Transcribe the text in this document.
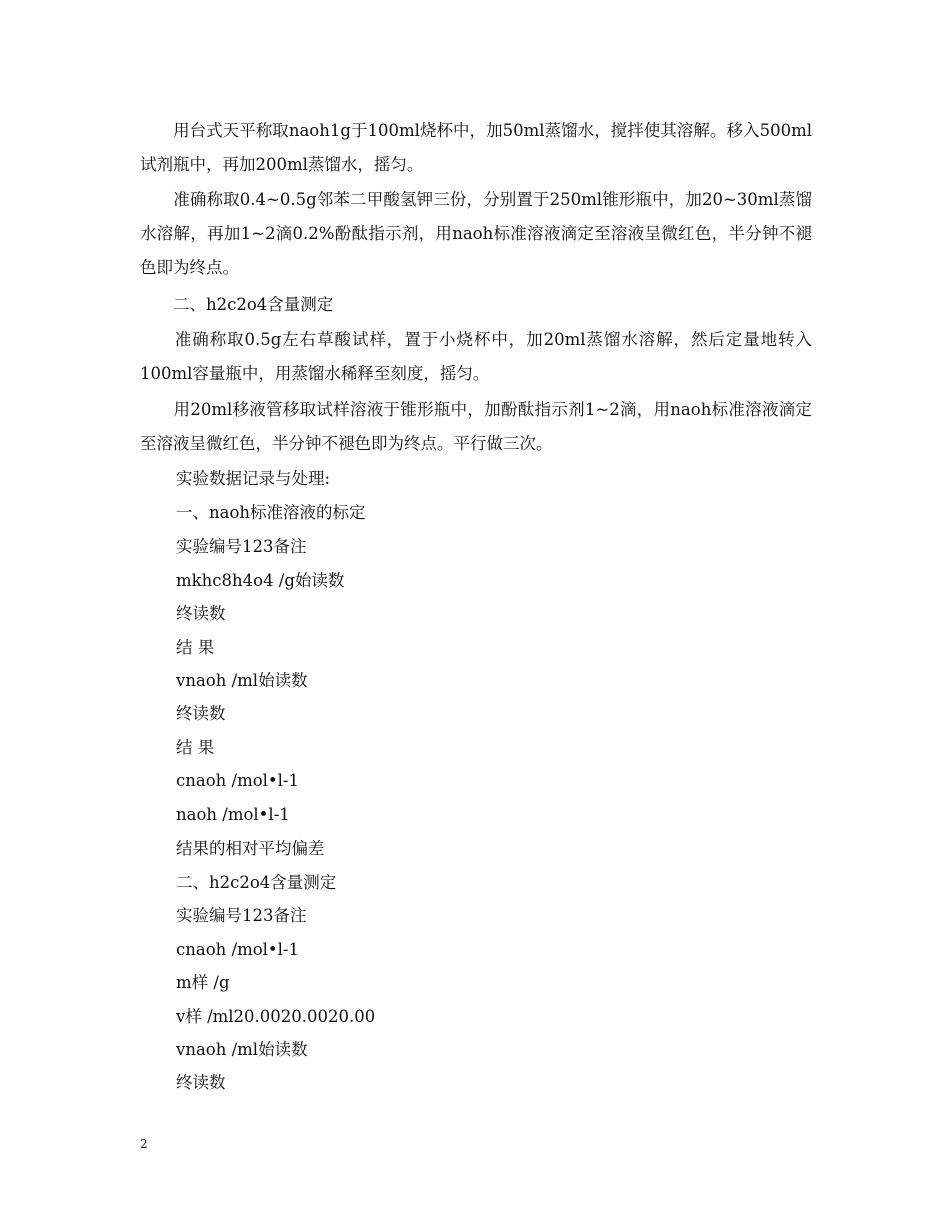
　　用台式天平称取naoh1g于100ml烧杯中，加50ml蒸馏水，搅拌使其溶解。移入500ml试剂瓶中，再加200ml蒸馏水，摇匀。

　　准确称取0.4~0.5g邻苯二甲酸氢钾三份，分别置于250ml锥形瓶中，加20~30ml蒸馏水溶解，再加1~2滴0.2%酚酞指示剂，用naoh标准溶液滴定至溶液呈微红色，半分钟不褪色即为终点。

　　二、h2c2o4含量测定

　　准确称取0.5g左右草酸试样，置于小烧杯中，加20ml蒸馏水溶解，然后定量地转入100ml容量瓶中，用蒸馏水稀释至刻度，摇匀。

　　用20ml移液管移取试样溶液于锥形瓶中，加酚酞指示剂1~2滴，用naoh标准溶液滴定至溶液呈微红色，半分钟不褪色即为终点。平行做三次。

实验数据记录与处理:
一、naoh标准溶液的标定
实验编号123备注
mkhc8h4o4 /g始读数
终读数
结 果
vnaoh /ml始读数
终读数
结 果
cnaoh /mol•l-1
naoh /mol•l-1
结果的相对平均偏差
二、h2c2o4含量测定
实验编号123备注
cnaoh /mol•l-1
m样 /g
v样 /ml20.0020.0020.00
vnaoh /ml始读数
终读数
2
